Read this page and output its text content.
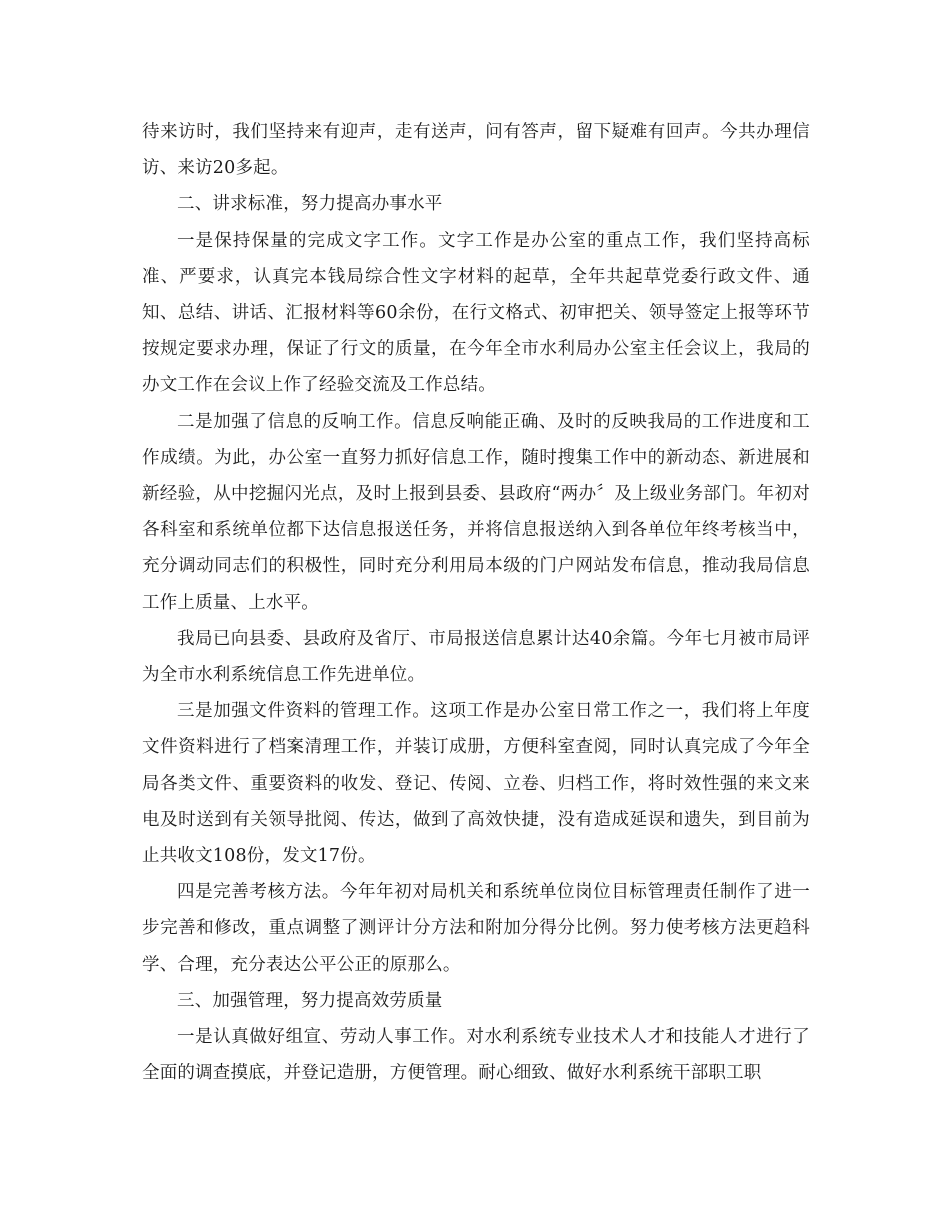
待来访时，我们坚持来有迎声，走有送声，问有答声，留下疑难有回声。今共办理信访、来访20多起。

二、讲求标准，努力提高办事水平

一是保持保量的完成文字工作。文字工作是办公室的重点工作，我们坚持高标准、严要求，认真完本钱局综合性文字材料的起草，全年共起草党委行政文件、通知、总结、讲话、汇报材料等60余份，在行文格式、初审把关、领导签定上报等环节按规定要求办理，保证了行文的质量，在今年全市水利局办公室主任会议上，我局的办文工作在会议上作了经验交流及工作总结。

二是加强了信息的反响工作。信息反响能正确、及时的反映我局的工作进度和工作成绩。为此，办公室一直努力抓好信息工作，随时搜集工作中的新动态、新进展和新经验，从中挖掘闪光点，及时上报到县委、县政府“两办〞及上级业务部门。年初对各科室和系统单位都下达信息报送任务，并将信息报送纳入到各单位年终考核当中，充分调动同志们的积极性，同时充分利用局本级的门户网站发布信息，推动我局信息工作上质量、上水平。

我局已向县委、县政府及省厅、市局报送信息累计达40余篇。今年七月被市局评为全市水利系统信息工作先进单位。

三是加强文件资料的管理工作。这项工作是办公室日常工作之一，我们将上年度文件资料进行了档案清理工作，并装订成册，方便科室查阅，同时认真完成了今年全局各类文件、重要资料的收发、登记、传阅、立卷、归档工作，将时效性强的来文来电及时送到有关领导批阅、传达，做到了高效快捷，没有造成延误和遗失，到目前为止共收文108份，发文17份。

四是完善考核方法。今年年初对局机关和系统单位岗位目标管理责任制作了进一步完善和修改，重点调整了测评计分方法和附加分得分比例。努力使考核方法更趋科学、合理，充分表达公平公正的原那么。

三、加强管理，努力提高效劳质量

一是认真做好组宣、劳动人事工作。对水利系统专业技术人才和技能人才进行了全面的调查摸底，并登记造册，方便管理。耐心细致、做好水利系统干部职工职
